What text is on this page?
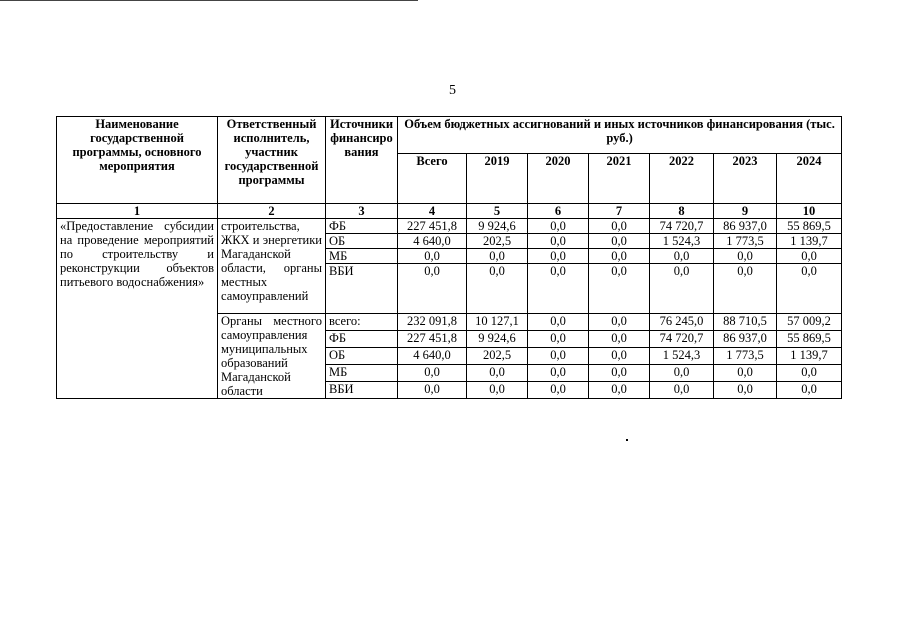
5
Наименование государственной программы, основного мероприятия	Ответственный исполнитель, участник государственной программы	Источники финансиро вания	Объем бюджетных ассигнований и иных источников финансирования (тыс. руб.)						
			Всего	2019	2020	2021	2022	2023	2024
1	2	3	4	5	6	7	8	9	10
«Предоставление субсидии на проведение мероприятий по строительству и реконструкции объектов питьевого водоснабжения»	строительства, ЖКХ и энергетики Магаданской области, органы местных самоуправлений	ФБ	227 451,8	9 924,6	0,0	0,0	74 720,7	86 937,0	55 869,5
		ОБ	4 640,0	202,5	0,0	0,0	1 524,3	1 773,5	1 139,7
		МБ	0,0	0,0	0,0	0,0	0,0	0,0	0,0
		ВБИ	0,0	0,0	0,0	0,0	0,0	0,0	0,0
	Органы местного самоуправления муниципальных образований Магаданской области	всего:	232 091,8	10 127,1	0,0	0,0	76 245,0	88 710,5	57 009,2
		ФБ	227 451,8	9 924,6	0,0	0,0	74 720,7	86 937,0	55 869,5
		ОБ	4 640,0	202,5	0,0	0,0	1 524,3	1 773,5	1 139,7
		МБ	0,0	0,0	0,0	0,0	0,0	0,0	0,0
		ВБИ	0,0	0,0	0,0	0,0	0,0	0,0	0,0
